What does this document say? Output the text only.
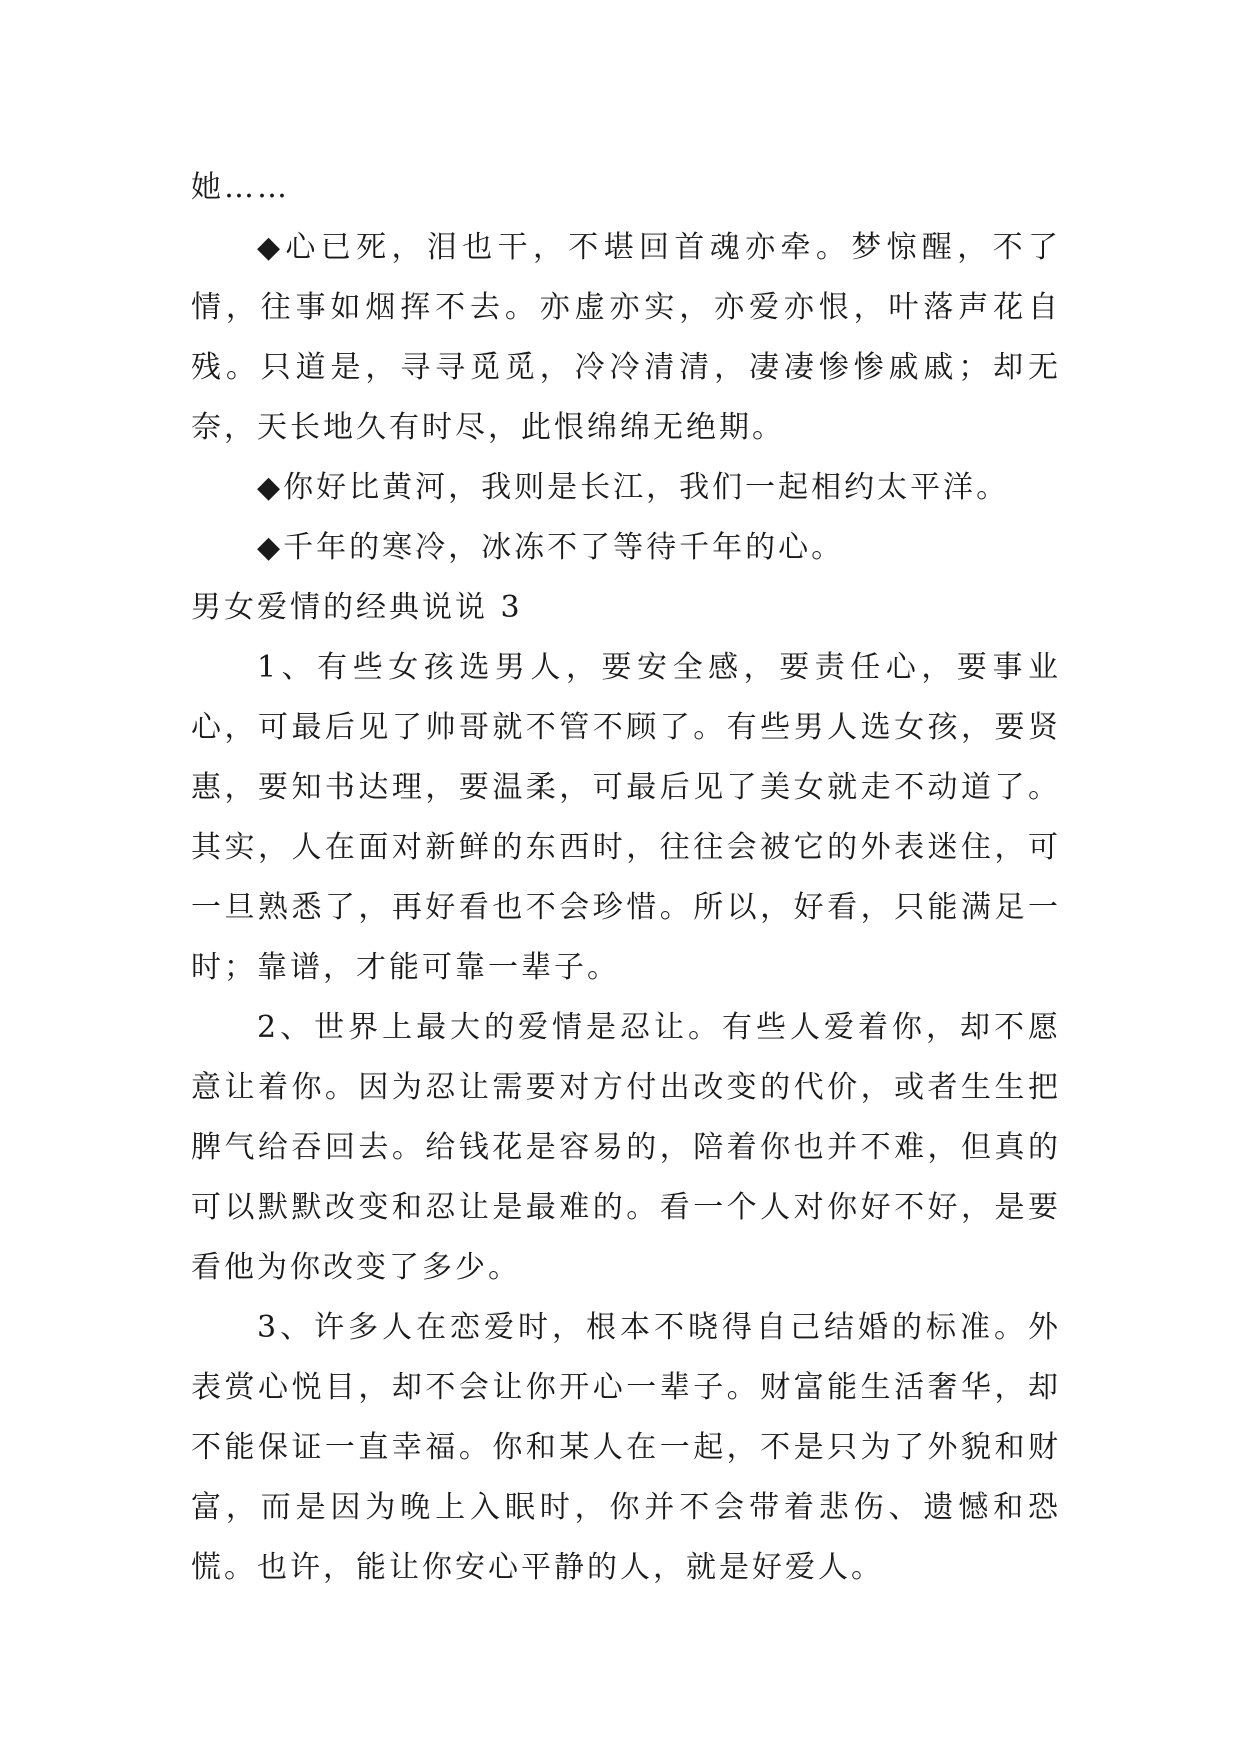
她……

◆心已死，泪也干，不堪回首魂亦牵。梦惊醒，不了情，往事如烟挥不去。亦虚亦实，亦爱亦恨，叶落声花自残。只道是，寻寻觅觅，冷冷清清，凄凄惨惨戚戚；却无奈，天长地久有时尽，此恨绵绵无绝期。

◆你好比黄河，我则是长江，我们一起相约太平洋。

◆千年的寒冷，冰冻不了等待千年的心。

男女爱情的经典说说 3

1、有些女孩选男人，要安全感，要责任心，要事业心，可最后见了帅哥就不管不顾了。有些男人选女孩，要贤惠，要知书达理，要温柔，可最后见了美女就走不动道了。其实，人在面对新鲜的东西时，往往会被它的外表迷住，可一旦熟悉了，再好看也不会珍惜。所以，好看，只能满足一时；靠谱，才能可靠一辈子。

2、世界上最大的爱情是忍让。有些人爱着你，却不愿意让着你。因为忍让需要对方付出改变的代价，或者生生把脾气给吞回去。给钱花是容易的，陪着你也并不难，但真的可以默默改变和忍让是最难的。看一个人对你好不好，是要看他为你改变了多少。

3、许多人在恋爱时，根本不晓得自己结婚的标准。外表赏心悦目，却不会让你开心一辈子。财富能生活奢华，却不能保证一直幸福。你和某人在一起，不是只为了外貌和财富，而是因为晚上入眠时，你并不会带着悲伤、遗憾和恐慌。也许，能让你安心平静的人，就是好爱人。
